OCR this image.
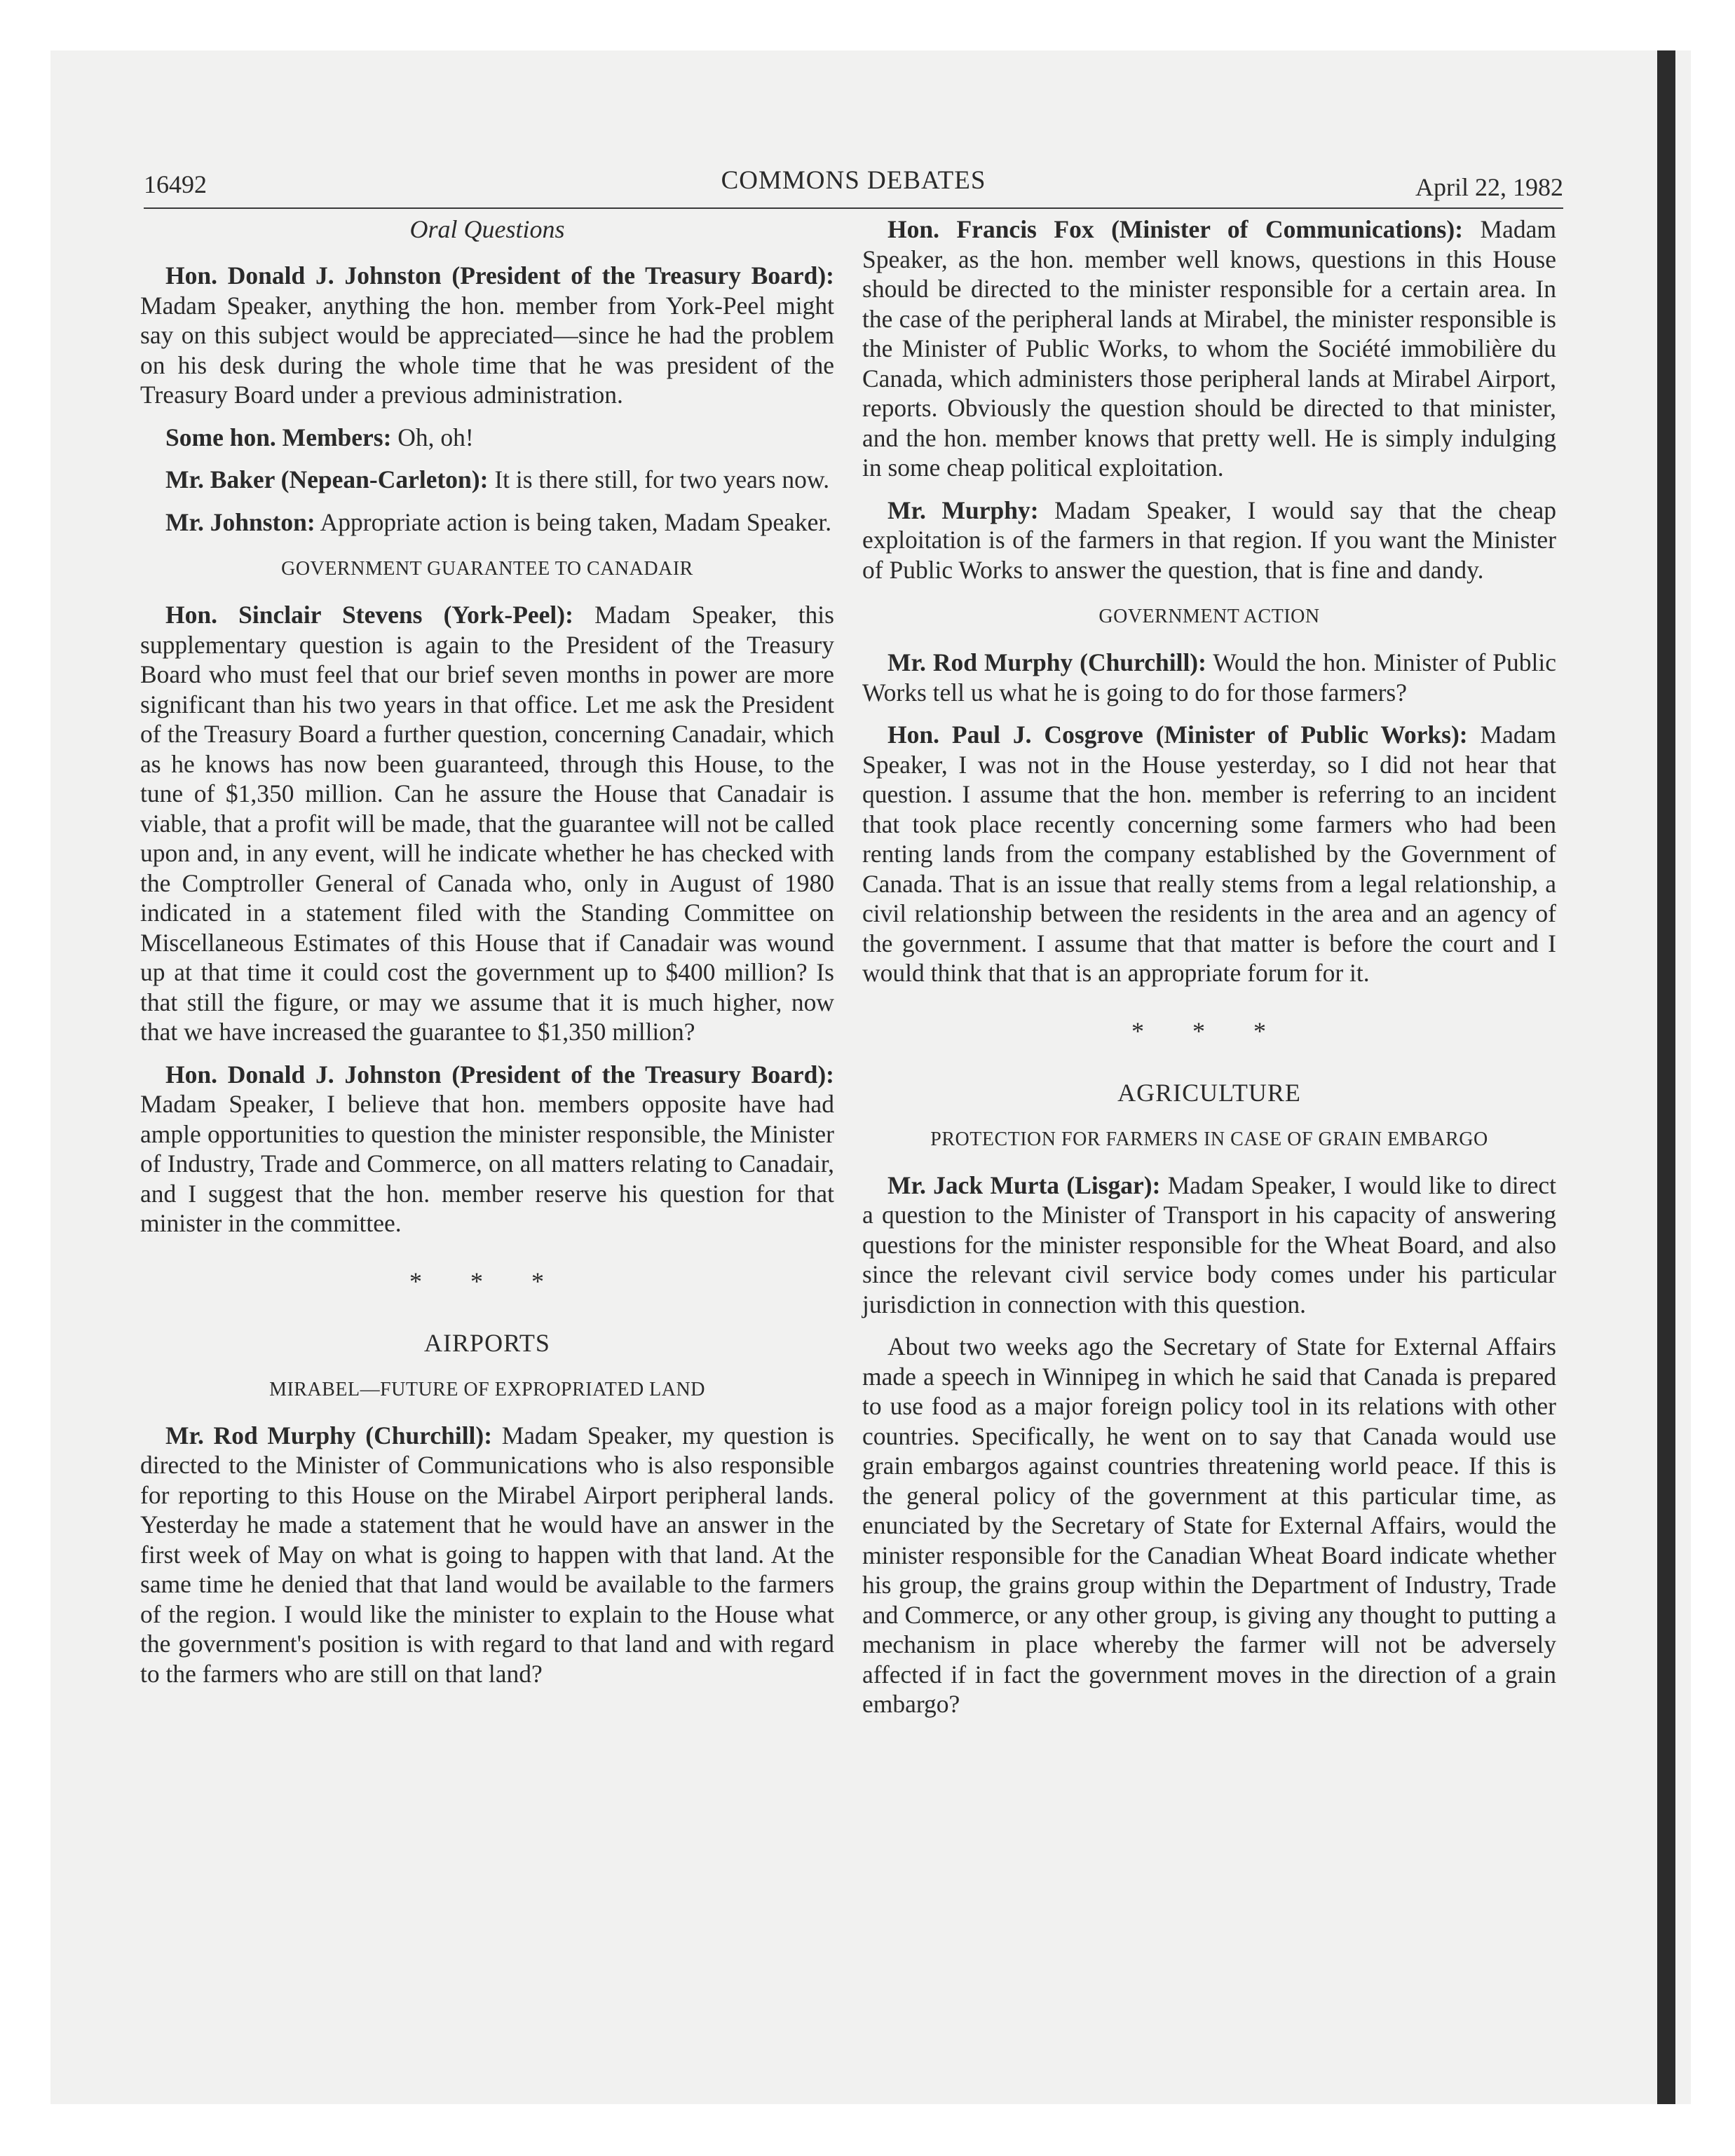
16492	COMMONS DEBATES	April 22, 1982
Oral Questions

Hon. Donald J. Johnston (President of the Treasury Board): Madam Speaker, anything the hon. member from York-Peel might say on this subject would be appreciated—since he had the problem on his desk during the whole time that he was president of the Treasury Board under a previous administration.

Some hon. Members: Oh, oh!

Mr. Baker (Nepean-Carleton): It is there still, for two years now.

Mr. Johnston: Appropriate action is being taken, Madam Speaker.

GOVERNMENT GUARANTEE TO CANADAIR

Hon. Sinclair Stevens (York-Peel): Madam Speaker, this supplementary question is again to the President of the Treasury Board who must feel that our brief seven months in power are more significant than his two years in that office. Let me ask the President of the Treasury Board a further question, concerning Canadair, which as he knows has now been guaranteed, through this House, to the tune of $1,350 million. Can he assure the House that Canadair is viable, that a profit will be made, that the guarantee will not be called upon and, in any event, will he indicate whether he has checked with the Comptroller General of Canada who, only in August of 1980 indicated in a statement filed with the Standing Committee on Miscellaneous Estimates of this House that if Canadair was wound up at that time it could cost the government up to $400 million? Is that still the figure, or may we assume that it is much higher, now that we have increased the guarantee to $1,350 million?

Hon. Donald J. Johnston (President of the Treasury Board): Madam Speaker, I believe that hon. members opposite have had ample opportunities to question the minister responsible, the Minister of Industry, Trade and Commerce, on all matters relating to Canadair, and I suggest that the hon. member reserve his question for that minister in the committee.

* * *
AIRPORTS
MIRABEL—FUTURE OF EXPROPRIATED LAND

Mr. Rod Murphy (Churchill): Madam Speaker, my question is directed to the Minister of Communications who is also responsible for reporting to this House on the Mirabel Airport peripheral lands. Yesterday he made a statement that he would have an answer in the first week of May on what is going to happen with that land. At the same time he denied that that land would be available to the farmers of the region. I would like the minister to explain to the House what the government's position is with regard to that land and with regard to the farmers who are still on that land?

Hon. Francis Fox (Minister of Communications): Madam Speaker, as the hon. member well knows, questions in this House should be directed to the minister responsible for a certain area. In the case of the peripheral lands at Mirabel, the minister responsible is the Minister of Public Works, to whom the Société immobilière du Canada, which administers those peripheral lands at Mirabel Airport, reports. Obviously the question should be directed to that minister, and the hon. member knows that pretty well. He is simply indulging in some cheap political exploitation.

Mr. Murphy: Madam Speaker, I would say that the cheap exploitation is of the farmers in that region. If you want the Minister of Public Works to answer the question, that is fine and dandy.

GOVERNMENT ACTION

Mr. Rod Murphy (Churchill): Would the hon. Minister of Public Works tell us what he is going to do for those farmers?

Hon. Paul J. Cosgrove (Minister of Public Works): Madam Speaker, I was not in the House yesterday, so I did not hear that question. I assume that the hon. member is referring to an incident that took place recently concerning some farmers who had been renting lands from the company established by the Government of Canada. That is an issue that really stems from a legal relationship, a civil relationship between the residents in the area and an agency of the government. I assume that that matter is before the court and I would think that that is an appropriate forum for it.

* * *
AGRICULTURE
PROTECTION FOR FARMERS IN CASE OF GRAIN EMBARGO

Mr. Jack Murta (Lisgar): Madam Speaker, I would like to direct a question to the Minister of Transport in his capacity of answering questions for the minister responsible for the Wheat Board, and also since the relevant civil service body comes under his particular jurisdiction in connection with this question.

About two weeks ago the Secretary of State for External Affairs made a speech in Winnipeg in which he said that Canada is prepared to use food as a major foreign policy tool in its relations with other countries. Specifically, he went on to say that Canada would use grain embargos against countries threatening world peace. If this is the general policy of the government at this particular time, as enunciated by the Secretary of State for External Affairs, would the minister responsible for the Canadian Wheat Board indicate whether his group, the grains group within the Department of Industry, Trade and Commerce, or any other group, is giving any thought to putting a mechanism in place whereby the farmer will not be adversely affected if in fact the government moves in the direction of a grain embargo?
